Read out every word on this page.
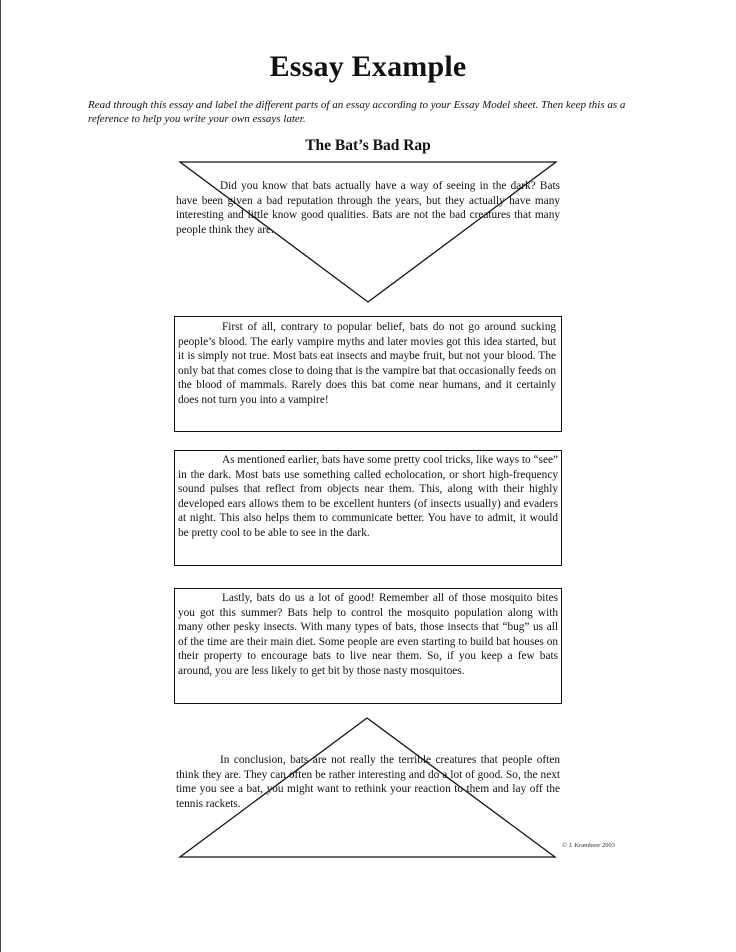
Essay Example
Read through this essay and label the different parts of an essay according to your Essay Model sheet. Then keep this as a reference to help you write your own essays later.
The Bat’s Bad Rap
Did you know that bats actually have a way of seeing in the dark? Bats have been given a bad reputation through the years, but they actually have many interesting and little know good qualities. Bats are not the bad creatures that many people think they are.
First of all, contrary to popular belief, bats do not go around sucking people’s blood. The early vampire myths and later movies got this idea started, but it is simply not true. Most bats eat insects and maybe fruit, but not your blood. The only bat that comes close to doing that is the vampire bat that occasionally feeds on the blood of mammals. Rarely does this bat come near humans, and it certainly does not turn you into a vampire!
As mentioned earlier, bats have some pretty cool tricks, like ways to “see” in the dark. Most bats use something called echolocation, or short high-frequency sound pulses that reflect from objects near them. This, along with their highly developed ears allows them to be excellent hunters (of insects usually) and evaders at night. This also helps them to communicate better. You have to admit, it would be pretty cool to be able to see in the dark.
Lastly, bats do us a lot of good! Remember all of those mosquito bites you got this summer? Bats help to control the mosquito population along with many other pesky insects. With many types of bats, those insects that “bug” us all of the time are their main diet. Some people are even starting to build bat houses on their property to encourage bats to live near them. So, if you keep a few bats around, you are less likely to get bit by those nasty mosquitoes.
In conclusion, bats are not really the terrible creatures that people often think they are. They can often be rather interesting and do a lot of good. So, the next time you see a bat, you might want to rethink your reaction to them and lay off the tennis rackets.
© J. Krambeer 2003
